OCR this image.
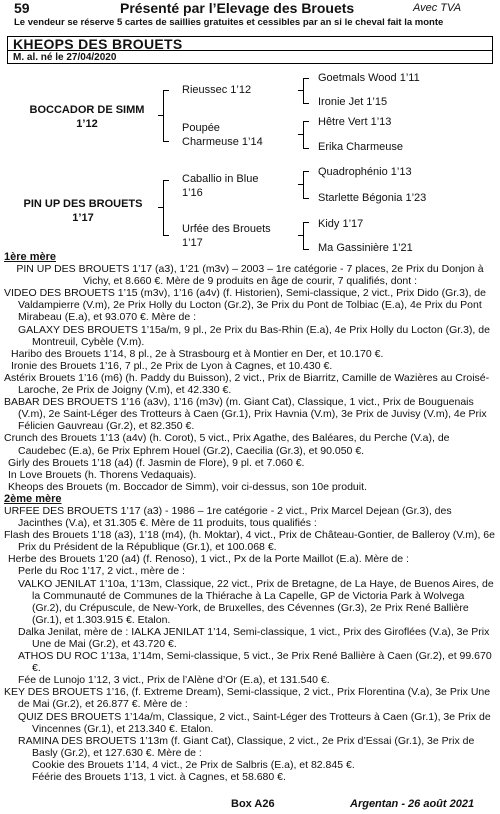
59	Présenté par l’Elevage des Brouets	Avec TVA
Le vendeur se réserve 5 cartes de saillies gratuites et cessibles par an si le cheval fait la monte
KHEOPS DES BROUETS
M. al. né le 27/04/2020
BOCCADOR DE SIMM
1’12
Rieussec 1’12
Poupée
Charmeuse 1’14
PIN UP DES BROUETS
1’17
Caballio in Blue
1’16
Urfée des Brouets
1’17
Goetmals Wood 1’11
Ironie Jet 1’15
Hêtre Vert 1’13
Erika Charmeuse
Quadrophénio 1’13
Starlette Bégonia 1’23
Kidy 1’17
Ma Gassinière 1’21

1ère mère

PIN UP DES BROUETS 1’17 (a3), 1’21 (m3v) – 2003 – 1re catégorie - 7 places, 2e Prix du Donjon à Vichy, et 8.660 €. Mère de 9 produits en âge de courir, 7 qualifiés, dont :

VIDEO DES BROUETS 1’15 (m3v), 1’16 (a4v) (f. Historien), Semi-classique, 2 vict., Prix Dido (Gr.3), de Valdampierre (V.m), 2e Prix Holly du Locton (Gr.2), 3e Prix du Pont de Tolbiac (E.a), 4e Prix du Pont Mirabeau (E.a), et 93.070 €. Mère de :

GALAXY DES BROUETS 1’15a/m, 9 pl., 2e Prix du Bas-Rhin (E.a), 4e Prix Holly du Locton (Gr.3), de Montreuil, Cybèle (V.m).

Haribo des Brouets 1’14, 8 pl., 2e à Strasbourg et à Montier en Der, et 10.170 €.

Ironie des Brouets 1’16, 7 pl., 2e Prix de Lyon à Cagnes, et 10.430 €.

Astérix Brouets 1’16 (m6) (h. Paddy du Buisson), 2 vict., Prix de Biarritz, Camille de Wazières au Croisé-Laroche, 2e Prix de Joigny (V.m), et 42.330 €.

BABAR DES BROUETS 1’16 (a3v), 1’16 (m3v) (m. Giant Cat), Classique, 1 vict., Prix de Bouguenais (V.m), 2e Saint-Léger des Trotteurs à Caen (Gr.1), Prix Havnia (V.m), 3e Prix de Juvisy (V.m), 4e Prix Félicien Gauvreau (Gr.2), et 82.350 €.

Crunch des Brouets 1’13 (a4v) (h. Corot), 5 vict., Prix Agathe, des Baléares, du Perche (V.a), de Caudebec (E.a), 6e Prix Ephrem Houel (Gr.2), Caecilia (Gr.3), et 90.050 €.

Girly des Brouets 1’18 (a4) (f. Jasmin de Flore), 9 pl. et 7.060 €.

In Love Brouets (h. Thorens Vedaquais).

Kheops des Brouets (m. Boccador de Simm), voir ci-dessus, son 10e produit.

2ème mère

URFEE DES BROUETS 1’17 (a3) - 1986 – 1re catégorie - 2 vict., Prix Marcel Dejean (Gr.3), des Jacinthes (V.a), et 31.305 €. Mère de 11 produits, tous qualifiés :

Flash des Brouets 1’18 (a3), 1’18 (m4), (h. Moktar), 4 vict., Prix de Château-Gontier, de Balleroy (V.m), 6e Prix du Président de la République (Gr.1), et 100.068 €.

Herbe des Brouets 1’20 (a4) (f. Renoso), 1 vict., Px de la Porte Maillot (E.a). Mère de :

Perle du Roc 1’17, 2 vict., mère de :

VALKO JENILAT 1’10a, 1’13m, Classique, 22 vict., Prix de Bretagne, de La Haye, de Buenos Aires, de la Communauté de Communes de la Thiérache à La Capelle, GP de Victoria Park à Wolvega (Gr.2), du Crépuscule, de New-York, de Bruxelles, des Cévennes (Gr.3), 2e Prix René Ballière (Gr.1), et 1.303.915 €. Etalon.

Dalka Jenilat, mère de : IALKA JENILAT 1’14, Semi-classique, 1 vict., Prix des Giroflées (V.a), 3e Prix Une de Mai (Gr.2), et 43.720 €.

ATHOS DU ROC 1’13a, 1’14m, Semi-classique, 5 vict., 3e Prix René Ballière à Caen (Gr.2), et 99.670 €.

Fée de Lunojo 1’12, 3 vict., Prix de l’Alène d’Or (E.a), et 131.540 €.

KEY DES BROUETS 1’16, (f. Extreme Dream), Semi-classique, 2 vict., Prix Florentina (V.a), 3e Prix Une de Mai (Gr.2), et 26.877 €. Mère de :

QUIZ DES BROUETS 1’14a/m, Classique, 2 vict., Saint-Léger des Trotteurs à Caen (Gr.1), 3e Prix de Vincennes (Gr.1), et 213.340 €. Etalon.

RAMINA DES BROUETS 1’13m (f. Giant Cat), Classique, 2 vict., 2e Prix d’Essai (Gr.1), 3e Prix de Basly (Gr.2), et 127.630 €. Mère de :

Cookie des Brouets 1’14, 4 vict., 2e Prix de Salbris (E.a), et 82.845 €.

Féérie des Brouets 1’13, 1 vict. à Cagnes, et 58.680 €.

Box A26	Argentan - 26 août 2021
